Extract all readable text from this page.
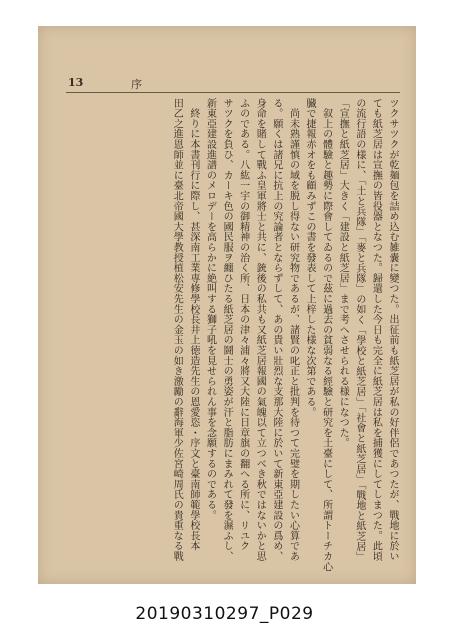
13	序
ツクサツクが乾麺包を詰め込む雑嚢に變つた。出征前も紙芝居が私の好伴侶であつたが、戰地に於い
ても紙芝居は宣撫の皆役器となつた。歸還した今日も完全に紙芝居は私を捕獲にしてしまつた。此頃
の流行語の様に、「土と兵隊」「麥と兵隊」の如く「學校と紙芝居」「社會と紙芝居」「戰地と紙芝居」
「宣撫と紙芝居」大きく「建設と紙芝居」まで考へさせられる様になつた。
　叙上の體驗と趣勢に際會してゐるので茲に過去の貧弱なる經驗と研究を土臺にして、所謂トーチカ心
臓で捷報赤オをも顧みずこの書を發表して上梓した様な次第である。
　尚未熟謹慎の域を脱し得ない研究物であるが、諸賢の叱正と批判を待つて完璧を期したい心算であ
る。願くは諸兄に抗上の究論者とならずして、あの貴い壯烈な支那大陸に於いて新東亞建設の爲め、
身命を賭して戰ふ皇軍將士と共に、銃後の私共も又紙芝居報國の氣魄以て立つべき秋ではないかと思
ふのである。八紘一宇の御精神の治く所、日本の津々浦々將又大陸に日章旗の翻へる所に、リユク
サツクを負ひ、カーキ色の國民服ヲ纏ひたる紙芝居の鬪士の勇姿が汗と脂肪にまみれて發を濕ふし、
新東亞建設進譜のメロデーを高らかに絶叫する獅子吼を見せられん事を念願するのである。
　終りに本書刊行に際し、甚深南工業専修學校長井上徳造先生の恩愛恣・序文と臺南師範學校長本
田乙之進恩師並に臺北帝國大學教授植松安先生の金玉の如き激勵の辭海軍少佐宮崎周氏の貴重なる戰
20190310297_P029
